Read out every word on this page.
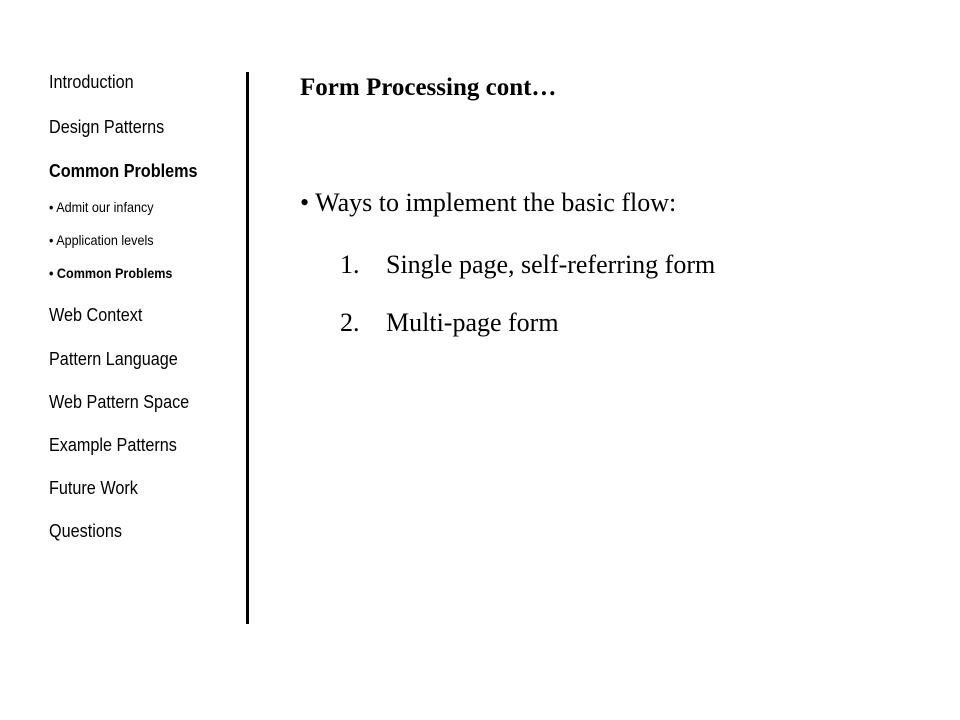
Introduction
Design Patterns
Common Problems
• Admit our infancy
• Application levels
• Common Problems
Web Context
Pattern Language
Web Pattern Space
Example Patterns
Future Work
Questions
Form Processing cont…
• Ways to implement the basic flow:
1. Single page, self-referring form
2. Multi-page form
